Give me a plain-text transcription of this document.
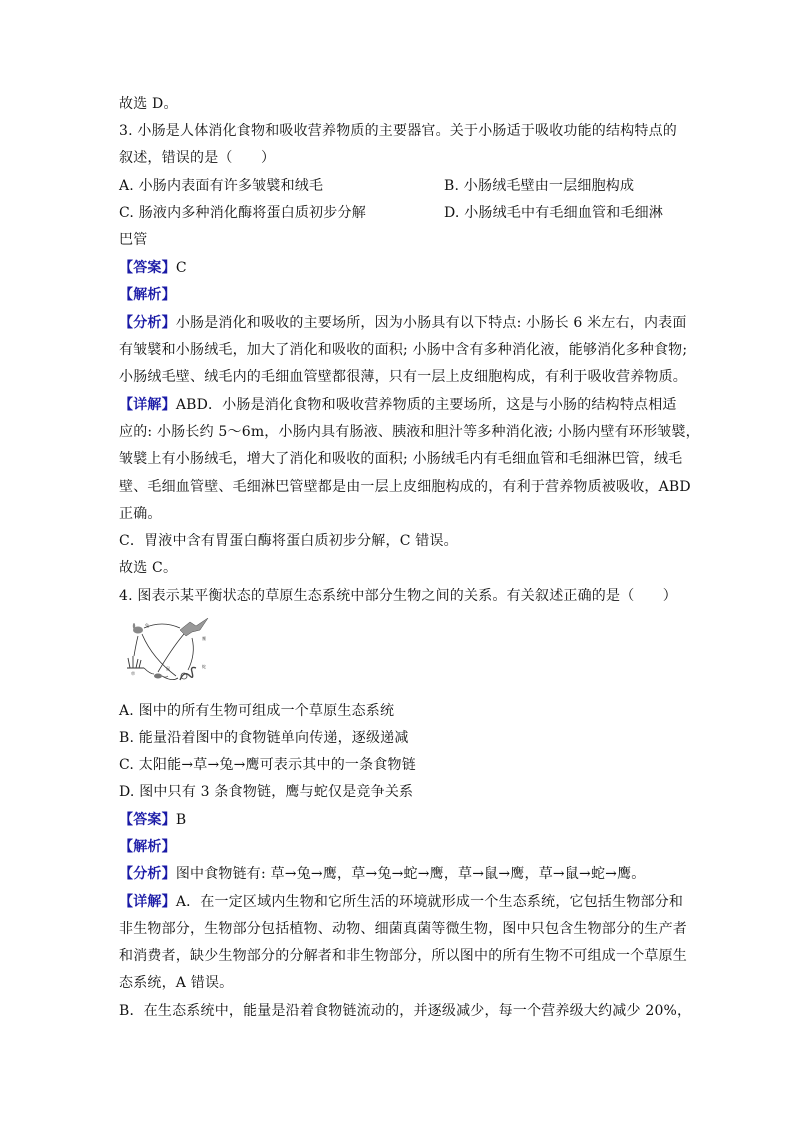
故选 D。
3. 小肠是人体消化食物和吸收营养物质的主要器官。关于小肠适于吸收功能的结构特点的
叙述，错误的是（　　）
A. 小肠内表面有许多皱襞和绒毛	B. 小肠绒毛壁由一层细胞构成
C. 肠液内多种消化酶将蛋白质初步分解	D. 小肠绒毛中有毛细血管和毛细淋
巴管
【答案】C
【解析】
【分析】小肠是消化和吸收的主要场所，因为小肠具有以下特点: 小肠长 6 米左右，内表面
有皱襞和小肠绒毛，加大了消化和吸收的面积; 小肠中含有多种消化液，能够消化多种食物;
小肠绒毛壁、绒毛内的毛细血管壁都很薄，只有一层上皮细胞构成，有利于吸收营养物质。
【详解】ABD．小肠是消化食物和吸收营养物质的主要场所，这是与小肠的结构特点相适
应的: 小肠长约 5～6m，小肠内具有肠液、胰液和胆汁等多种消化液; 小肠内壁有环形皱襞，
皱襞上有小肠绒毛，增大了消化和吸收的面积; 小肠绒毛内有毛细血管和毛细淋巴管，绒毛
壁、毛细血管壁、毛细淋巴管壁都是由一层上皮细胞构成的，有利于营养物质被吸收，ABD
正确。
C．胃液中含有胃蛋白酶将蛋白质初步分解，C 错误。
故选 C。
4. 图表示某平衡状态的草原生态系统中部分生物之间的关系。有关叙述正确的是（　　）
兔
鹰
鼠	蛇
草
A. 图中的所有生物可组成一个草原生态系统
B. 能量沿着图中的食物链单向传递，逐级递减
C. 太阳能→草→兔→鹰可表示其中的一条食物链
D. 图中只有 3 条食物链，鹰与蛇仅是竞争关系
【答案】B
【解析】
【分析】图中食物链有: 草→兔→鹰，草→兔→蛇→鹰，草→鼠→鹰，草→鼠→蛇→鹰。
【详解】A．在一定区域内生物和它所生活的环境就形成一个生态系统，它包括生物部分和
非生物部分，生物部分包括植物、动物、细菌真菌等微生物，图中只包含生物部分的生产者
和消费者，缺少生物部分的分解者和非生物部分，所以图中的所有生物不可组成一个草原生
态系统，A 错误。
B．在生态系统中，能量是沿着食物链流动的，并逐级减少，每一个营养级大约减少 20%，
